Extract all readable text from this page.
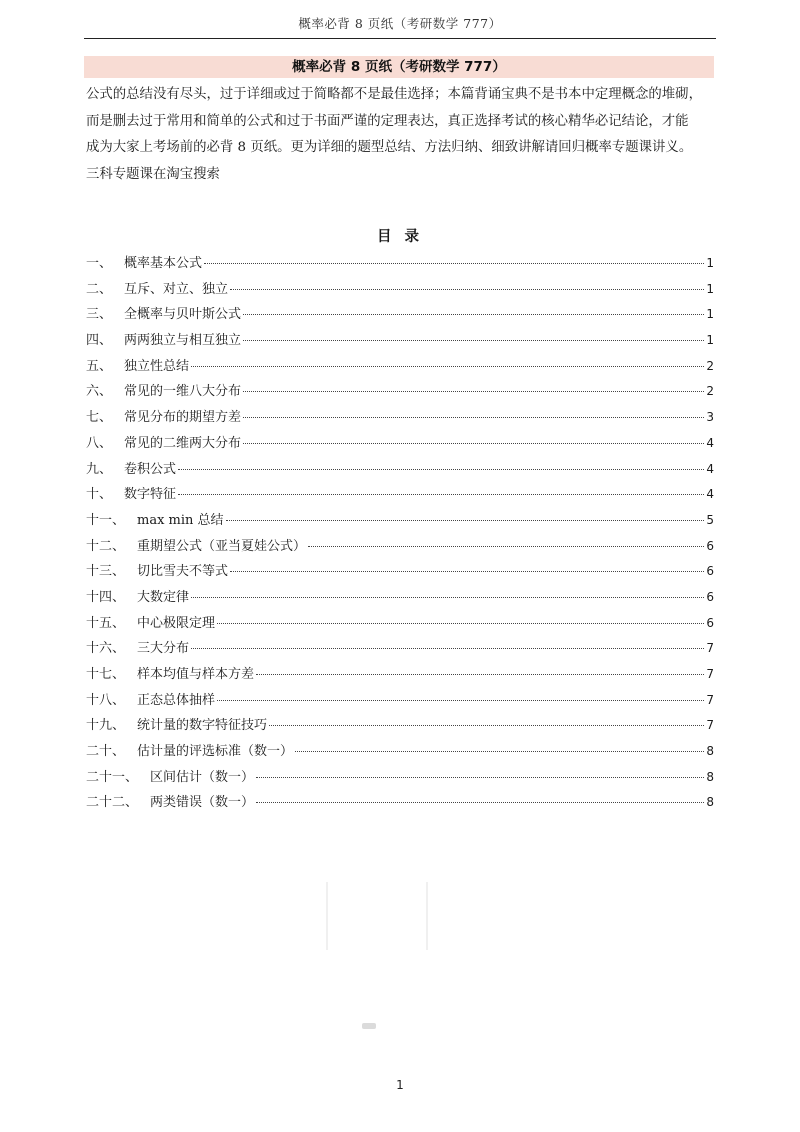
概率必背 8 页纸（考研数学 777）
概率必背 8 页纸（考研数学 777）

公式的总结没有尽头，过于详细或过于简略都不是最佳选择；本篇背诵宝典不是书本中定理概念的堆砌，

而是删去过于常用和简单的公式和过于书面严谨的定理表达，真正选择考试的核心精华必记结论，才能

成为大家上考场前的必背 8 页纸。更为详细的题型总结、方法归纳、细致讲解请回归概率专题课讲义。

三科专题课在淘宝搜索

目 录
一、 概率基本公式	1
二、 互斥、对立、独立	1
三、 全概率与贝叶斯公式	1
四、 两两独立与相互独立	1
五、 独立性总结	2
六、 常见的一维八大分布	2
七、 常见分布的期望方差	3
八、 常见的二维两大分布	4
九、 卷积公式	4
十、 数字特征	4
十一、 max min 总结	5
十二、 重期望公式（亚当夏娃公式）	6
十三、 切比雪夫不等式	6
十四、 大数定律	6
十五、 中心极限定理	6
十六、 三大分布	7
十七、 样本均值与样本方差	7
十八、 正态总体抽样	7
十九、 统计量的数字特征技巧	7
二十、 估计量的评选标准（数一）	8
二十一、 区间估计（数一）	8
二十二、 两类错误（数一）	8
1
